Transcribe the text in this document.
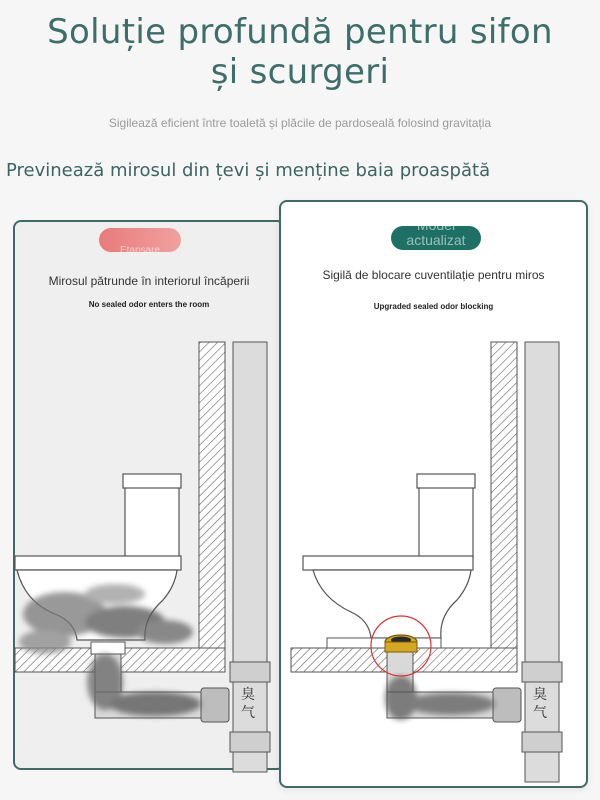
Soluție profundă pentru sifon și scurgeri
Sigilează eficient între toaletă și plăcile de pardoseală folosind gravitația
Previnează mirosul din țevi și menține baia proaspătă
Etanșare
Mirosul pătrunde în interiorul încăperii
No sealed odor enters the room
臭气
Model actualizat
Sigilă de blocare cuventilație pentru miros
Upgraded sealed odor blocking
臭气
